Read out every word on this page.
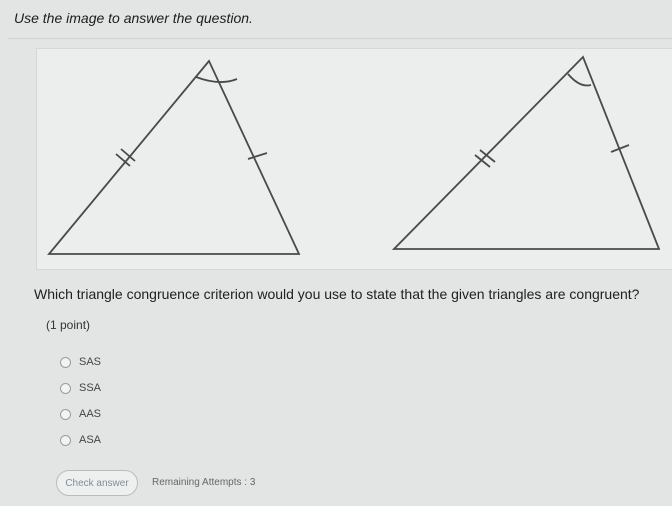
Use the image to answer the question.
Which triangle congruence criterion would you use to state that the given triangles are congruent?
(1 point)
SAS
SSA
AAS
ASA
Check answer	Remaining Attempts : 3
